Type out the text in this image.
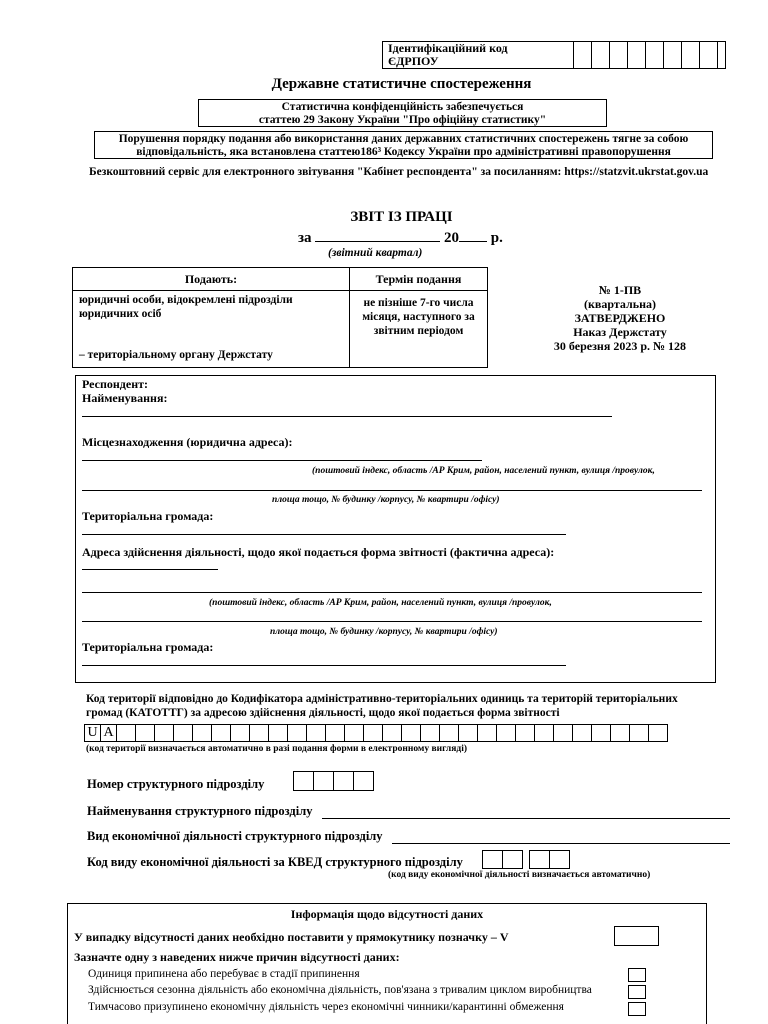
Ідентифікаційний код
ЄДРПОУ
Державне статистичне спостереження
Статистична конфіденційність забезпечується
статтею 29 Закону України "Про офіційну статистику"
Порушення порядку подання або використання даних державних статистичних спостережень тягне за собою
відповідальність, яка встановлена статтею186³ Кодексу України про адміністративні правопорушення
Безкоштовний сервіс для електронного звітування "Кабінет респондента" за посиланням: https://statzvit.ukrstat.gov.ua
ЗВІТ ІЗ ПРАЦІ
за	20 р.
(звітний квартал)
Подають:	Термін подання
юридичні особи, відокремлені підрозділи юридичних осіб
– територіальному органу Держстату
не пізніше 7-го числа місяця, наступного за звітним періодом
№ 1-ПВ
(квартальна)
ЗАТВЕРДЖЕНО
Наказ Держстату
30 березня 2023 р. № 128
Респондент:
Найменування:
Місцезнаходження (юридична адреса):
(поштовий індекс, область /АР Крим, район, населений пункт, вулиця /провулок,
площа тощо, № будинку /корпусу, № квартири /офісу)
Територіальна громада:
Адреса здійснення діяльності, щодо якої подається форма звітності (фактична адреса):
(поштовий індекс, область /АР Крим, район, населений пункт, вулиця /провулок,
площа тощо, № будинку /корпусу, № квартири /офісу)
Територіальна громада:
Код території відповідно до Кодифікатора адміністративно-територіальних одиниць та територій територіальних
громад (КАТОТТГ) за адресою здійснення діяльності, щодо якої подається форма звітності
U A
(код території визначається автоматично в разі подання форми в електронному вигляді)
Номер структурного підрозділу
Найменування структурного підрозділу
Вид економічної діяльності структурного підрозділу
Код виду економічної діяльності за КВЕД структурного підрозділу
(код виду економічної діяльності визначається автоматично)
Інформація щодо відсутності даних
У випадку відсутності даних необхідно поставити у прямокутнику позначку – V
Зазначте одну з наведених нижче причин відсутності даних:
Одиниця припинена або перебуває в стадії припинення
Здійснюється сезонна діяльність або економічна діяльність, пов'язана з тривалим циклом виробництва
Тимчасово призупинено економічну діяльність через економічні чинники/карантинні обмеження
